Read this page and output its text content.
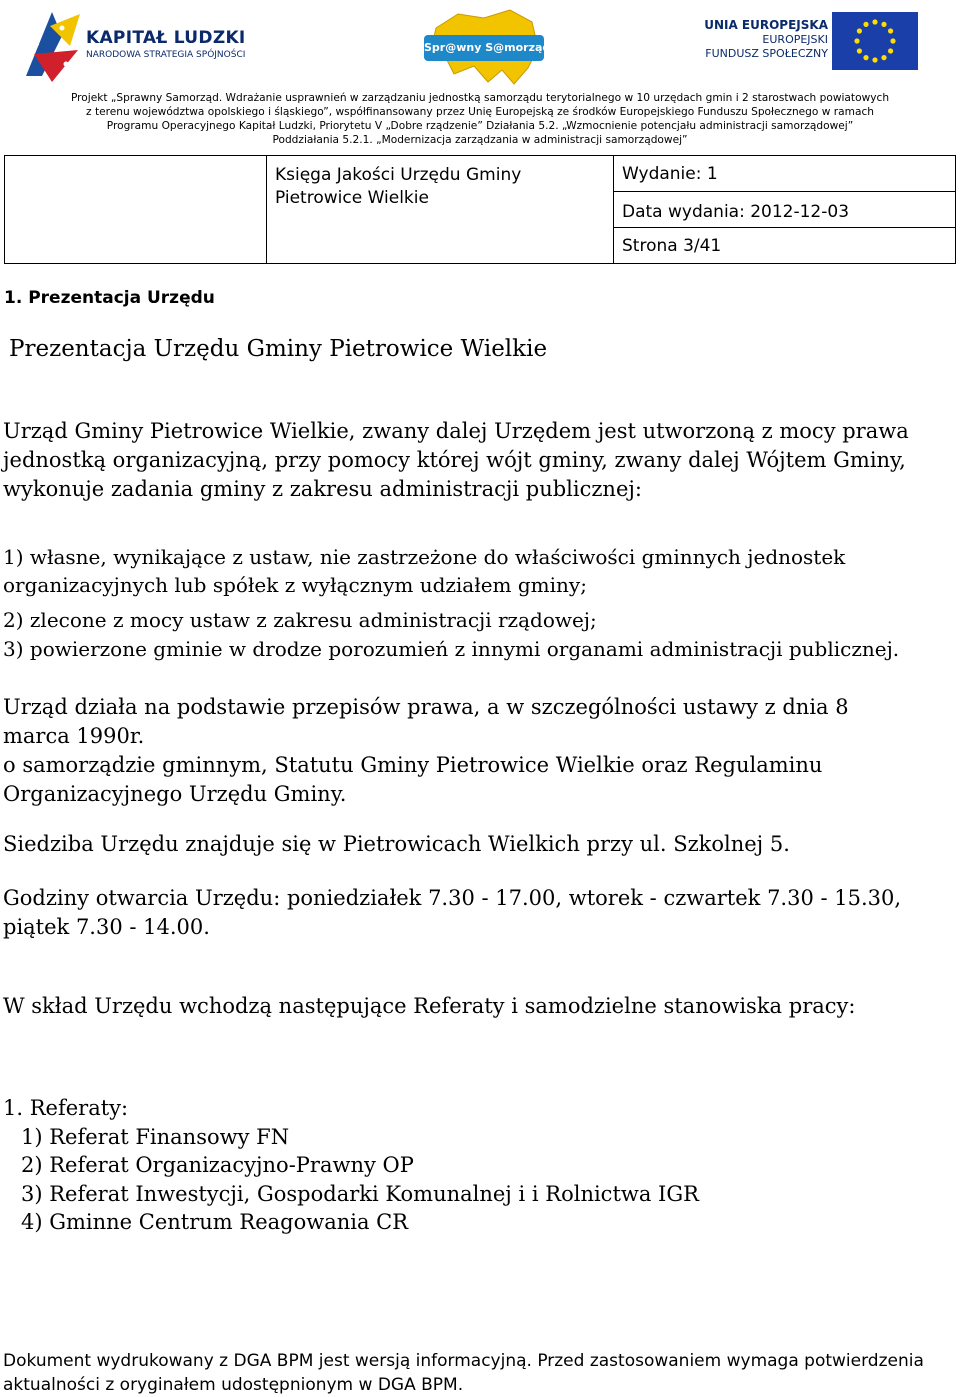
KAPITAŁ LUDZKI
NARODOWA STRATEGIA SPÓJNOŚCI
Spr@wny S@morząd
UNIA EUROPEJSKA
EUROPEJSKI
FUNDUSZ SPOŁECZNY
Projekt „Sprawny Samorząd. Wdrażanie usprawnień w zarządzaniu jednostką samorządu terytorialnego w 10 urzędach gmin i 2 starostwach powiatowych
z terenu województwa opolskiego i śląskiego”, współfinansowany przez Unię Europejską ze środków Europejskiego Funduszu Społecznego w ramach
Programu Operacyjnego Kapitał Ludzki, Priorytetu V „Dobre rządzenie” Działania 5.2. „Wzmocnienie potencjału administracji samorządowej”
Poddziałania 5.2.1. „Modernizacja zarządzania w administracji samorządowej”
	Księga Jakości Urzędu Gminy Pietrowice Wielkie	Wydanie: 1
Data wydania: 2012-12-03
Strona 3/41
1. Prezentacja Urzędu
Prezentacja Urzędu Gminy Pietrowice Wielkie
Urząd Gminy Pietrowice Wielkie, zwany dalej Urzędem jest utworzoną z mocy prawa jednostką organizacyjną, przy pomocy której wójt gminy, zwany dalej Wójtem Gminy, wykonuje zadania gminy z zakresu administracji publicznej:
1) własne, wynikające z ustaw, nie zastrzeżone do właściwości gminnych jednostek organizacyjnych lub spółek z wyłącznym udziałem gminy;
2) zlecone z mocy ustaw z zakresu administracji rządowej;
3) powierzone gminie w drodze porozumień z innymi organami administracji publicznej.
Urząd działa na podstawie przepisów prawa, a w szczególności ustawy z dnia 8 marca 1990r.
o samorządzie gminnym, Statutu Gminy Pietrowice Wielkie oraz Regulaminu Organizacyjnego Urzędu Gminy.
Siedziba Urzędu znajduje się w Pietrowicach Wielkich przy ul. Szkolnej 5.
Godziny otwarcia Urzędu: poniedziałek 7.30 - 17.00, wtorek - czwartek 7.30 - 15.30, piątek 7.30 - 14.00.
W skład Urzędu wchodzą następujące Referaty i samodzielne stanowiska pracy:
1. Referaty:
1) Referat Finansowy FN
2) Referat Organizacyjno-Prawny OP
3) Referat Inwestycji, Gospodarki Komunalnej i i Rolnictwa IGR
4) Gminne Centrum Reagowania CR
Dokument wydrukowany z DGA BPM jest wersją informacyjną. Przed zastosowaniem wymaga potwierdzenia aktualności z oryginałem udostępnionym w DGA BPM.
